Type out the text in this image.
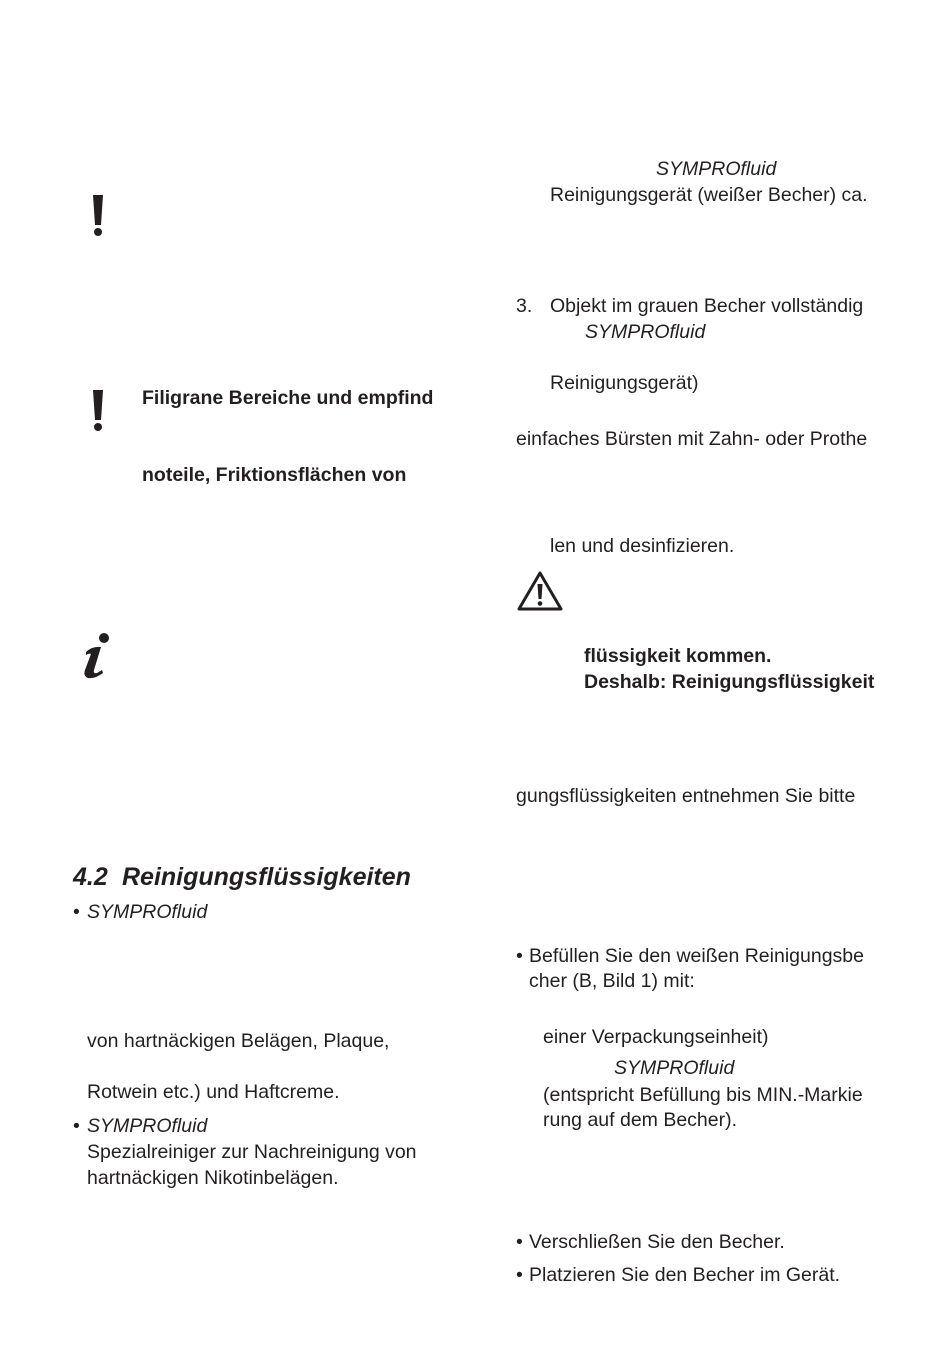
Filigrane Bereiche und empfind
noteile, Friktionsflächen von
4.2 Reinigungsflüssigkeiten
• SYMPROfluid
von hartnäckigen Belägen, Plaque,
Rotwein etc.) und Haftcreme.
• SYMPROfluid
Spezialreiniger zur Nachreinigung von
hartnäckigen Nikotinbelägen.
SYMPROfluid
Reinigungsgerät (weißer Becher) ca.
3. Objekt im grauen Becher vollständig
SYMPROfluid
Reinigungsgerät)
einfaches Bürsten mit Zahn- oder Prothe
len und desinfizieren.
flüssigkeit kommen.
Deshalb: Reinigungsflüssigkeit
gungsflüssigkeiten entnehmen Sie bitte
• Befüllen Sie den weißen Reinigungsbe
cher (B, Bild 1) mit:
einer Verpackungseinheit)
SYMPROfluid
(entspricht Befüllung bis MIN.-Markie
rung auf dem Becher).
• Verschließen Sie den Becher.
• Platzieren Sie den Becher im Gerät.
